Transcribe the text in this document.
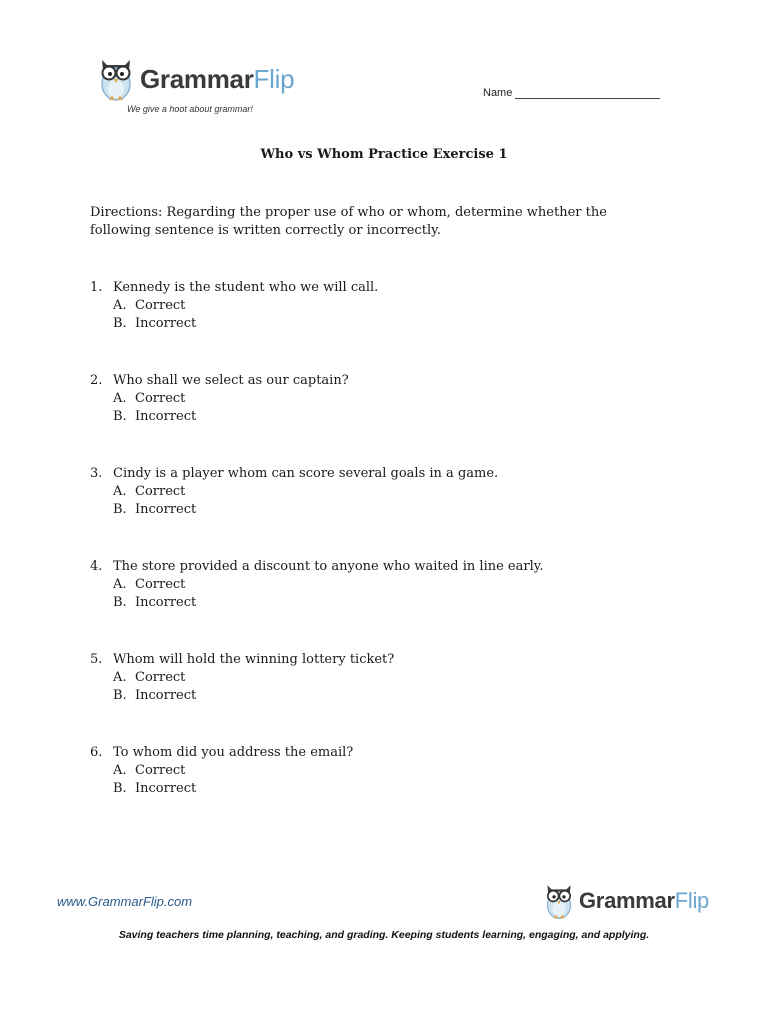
GrammarFlip
We give a hoot about grammar!
Name
Who vs Whom Practice Exercise 1
Directions: Regarding the proper use of who or whom, determine whether the following sentence is written correctly or incorrectly.
1. Kennedy is the student who we will call.
A. Correct
B. Incorrect
2. Who shall we select as our captain?
A. Correct
B. Incorrect
3. Cindy is a player whom can score several goals in a game.
A. Correct
B. Incorrect
4. The store provided a discount to anyone who waited in line early.
A. Correct
B. Incorrect
5. Whom will hold the winning lottery ticket?
A. Correct
B. Incorrect
6. To whom did you address the email?
A. Correct
B. Incorrect
www.GrammarFlip.com	GrammarFlip
Saving teachers time planning, teaching, and grading. Keeping students learning, engaging, and applying.
